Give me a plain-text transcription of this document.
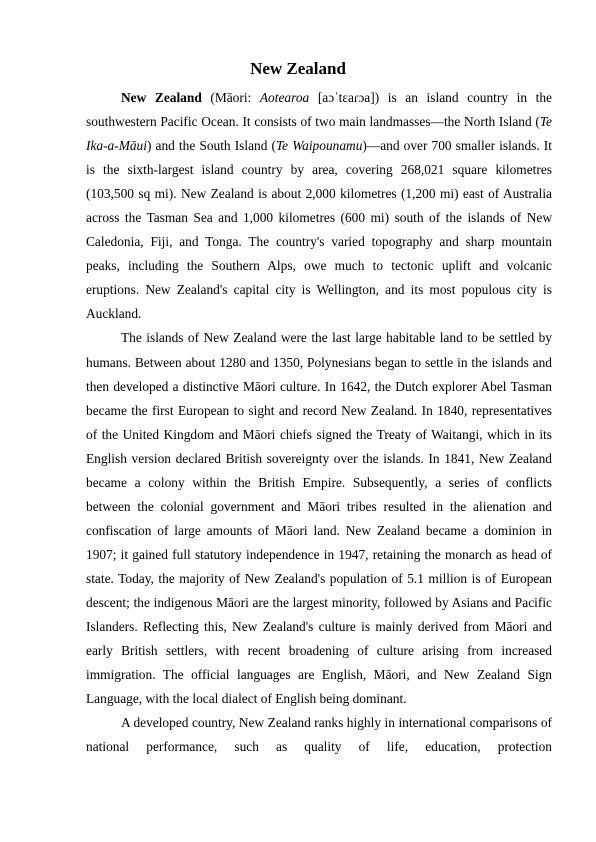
New Zealand

New Zealand (Māori: Aotearoa [aɔˈtɛaɾɔa]) is an island country in the southwestern Pacific Ocean. It consists of two main landmasses—the North Island (Te Ika-a-Māui) and the South Island (Te Waipounamu)—and over 700 smaller islands. It is the sixth-largest island country by area, covering 268,021 square kilometres (103,500 sq mi). New Zealand is about 2,000 kilometres (1,200 mi) east of Australia across the Tasman Sea and 1,000 kilometres (600 mi) south of the islands of New Caledonia, Fiji, and Tonga. The country's varied topography and sharp mountain peaks, including the Southern Alps, owe much to tectonic uplift and volcanic eruptions. New Zealand's capital city is Wellington, and its most populous city is Auckland.

The islands of New Zealand were the last large habitable land to be settled by humans. Between about 1280 and 1350, Polynesians began to settle in the islands and then developed a distinctive Māori culture. In 1642, the Dutch explorer Abel Tasman became the first European to sight and record New Zealand. In 1840, representatives of the United Kingdom and Māori chiefs signed the Treaty of Waitangi, which in its English version declared British sovereignty over the islands. In 1841, New Zealand became a colony within the British Empire. Subsequently, a series of conflicts between the colonial government and Māori tribes resulted in the alienation and confiscation of large amounts of Māori land. New Zealand became a dominion in 1907; it gained full statutory independence in 1947, retaining the monarch as head of state. Today, the majority of New Zealand's population of 5.1 million is of European descent; the indigenous Māori are the largest minority, followed by Asians and Pacific Islanders. Reflecting this, New Zealand's culture is mainly derived from Māori and early British settlers, with recent broadening of culture arising from increased immigration. The official languages are English, Māori, and New Zealand Sign Language, with the local dialect of English being dominant.

A developed country, New Zealand ranks highly in international comparisons of national performance, such as quality of life, education, protection
